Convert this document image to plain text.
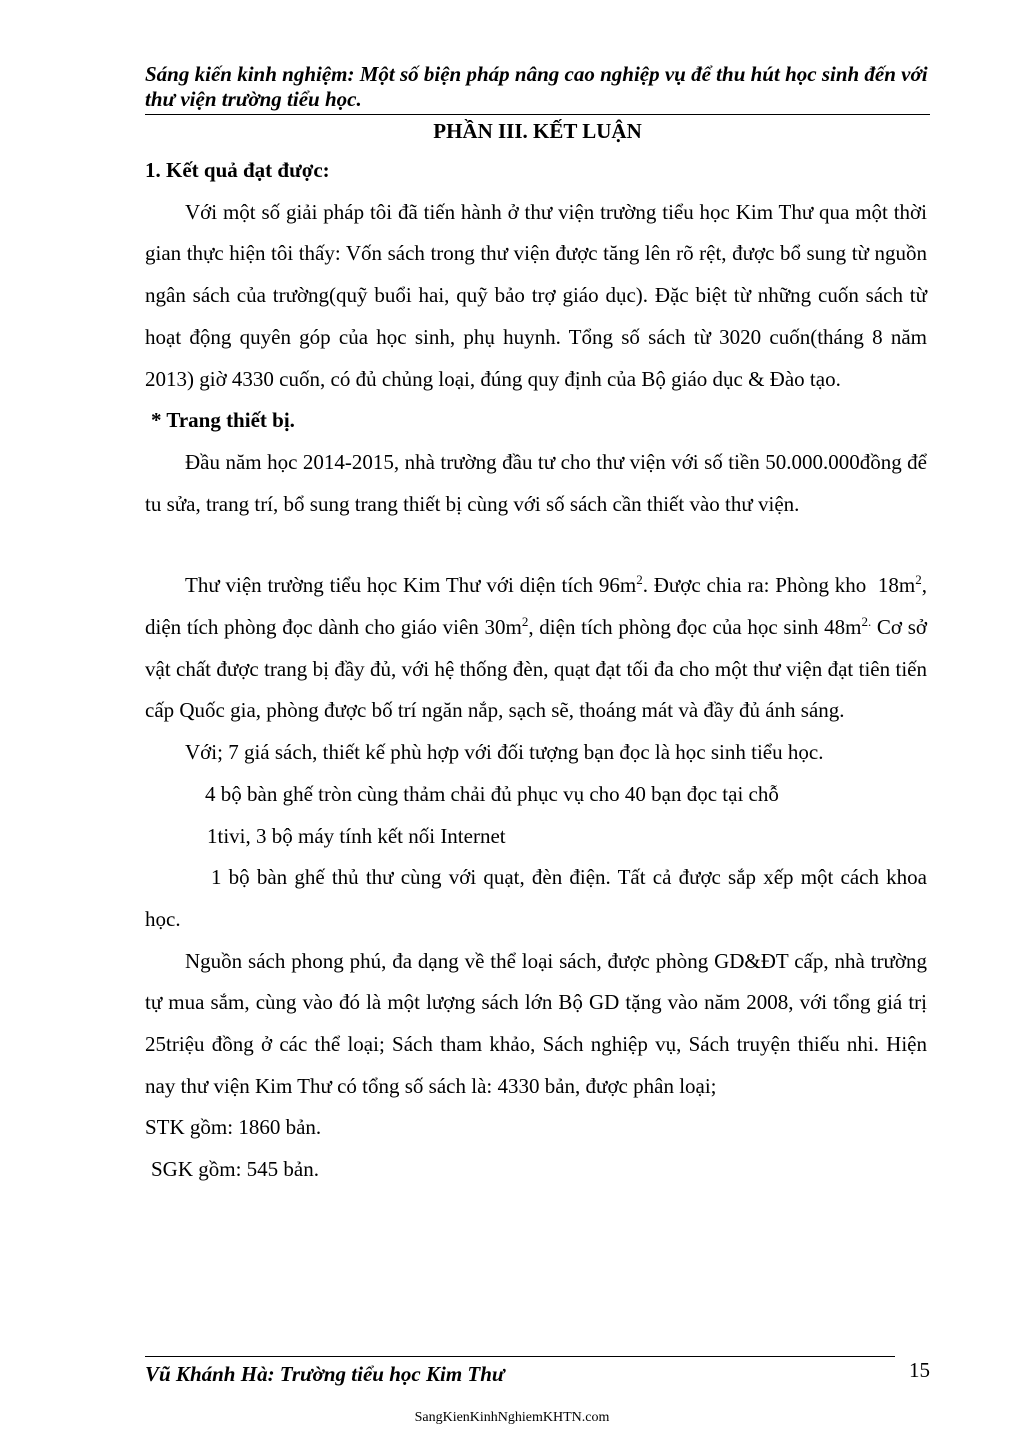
Sáng kiến kinh nghiệm: Một số biện pháp nâng cao nghiệp vụ để thu hút học sinh đến với thư viện trường tiểu học.
PHẦN III. KẾT LUẬN

1. Kết quả đạt được:

Với một số giải pháp tôi đã tiến hành ở thư viện trường tiểu học Kim Thư qua một thời gian thực hiện tôi thấy: Vốn sách trong thư viện được tăng lên rõ rệt, được bổ sung từ nguồn ngân sách của trường(quỹ buổi hai, quỹ bảo trợ giáo dục). Đặc biệt từ những cuốn sách từ hoạt động quyên góp của học sinh, phụ huynh. Tổng số sách từ 3020 cuốn(tháng 8 năm 2013) giờ 4330 cuốn, có đủ chủng loại, đúng quy định của Bộ giáo dục & Đào tạo.

* Trang thiết bị.

Đầu năm học 2014-2015, nhà trường đầu tư cho thư viện với số tiền 50.000.000đồng để tu sửa, trang trí, bổ sung trang thiết bị cùng với số sách cần thiết vào thư viện.

Thư viện trường tiểu học Kim Thư với diện tích $96m^2$. Được chia ra: Phòng kho  $18m^2$, diện tích phòng đọc dành cho giáo viên $30m^2$, diện tích phòng đọc của học $\sinh 48m^{2.}$ Cơ sở vật chất được trang bị đầy đủ, với hệ thống đèn, quạt đạt tối đa cho một thư viện đạt tiên tiến cấp Quốc gia, phòng được bố trí ngăn nắp, sạch sẽ, thoáng mát và đầy đủ ánh sáng.

Với; 7 giá sách, thiết kế phù hợp với đối tượng bạn đọc là học sinh tiểu học.

4 bộ bàn ghế tròn cùng thảm chải đủ phục vụ cho 40 bạn đọc tại chỗ

1tivi, 3 bộ máy tính kết nối Internet

1 bộ bàn ghế thủ thư cùng với quạt, đèn điện. Tất cả được sắp xếp một cách khoa học.

Nguồn sách phong phú, đa dạng về thể loại sách, được phòng GD&ĐT cấp, nhà trường tự mua sắm, cùng vào đó là một lượng sách lớn Bộ GD tặng vào năm 2008, với tổng giá trị 25triệu đồng ở các thể loại; Sách tham khảo, Sách nghiệp vụ, Sách truyện thiếu nhi. Hiện nay thư viện Kim Thư có tổng số sách là: 4330 bản, được phân loại;

STK gồm: 1860 bản.

SGK gồm: 545 bản.

Vũ Khánh Hà: Trường tiểu học Kim Thư	15
SangKienKinhNghiemKHTN.com
